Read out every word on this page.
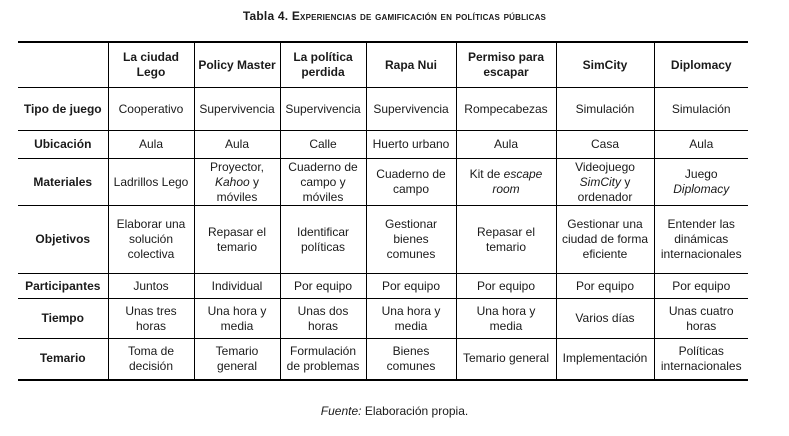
Tabla 4. Experiencias de gamificación en políticas públicas
	La ciudad Lego	Policy Master	La política perdida	Rapa Nui	Permiso para escapar	SimCity	Diplomacy
Tipo de juego	Cooperativo	Supervivencia	Supervivencia	Supervivencia	Rompecabezas	Simulación	Simulación
Ubicación	Aula	Aula	Calle	Huerto urbano	Aula	Casa	Aula
Materiales	Ladrillos Lego	Proyector, Kahoo y móviles	Cuaderno de campo y móviles	Cuaderno de campo	Kit de escape room	Videojuego SimCity y ordenador	Juego Diplomacy
Objetivos	Elaborar una solución colectiva	Repasar el temario	Identificar políticas	Gestionar bienes comunes	Repasar el temario	Gestionar una ciudad de forma eficiente	Entender las dinámicas internacionales
Participantes	Juntos	Individual	Por equipo	Por equipo	Por equipo	Por equipo	Por equipo
Tiempo	Unas tres horas	Una hora y media	Unas dos horas	Una hora y media	Una hora y media	Varios días	Unas cuatro horas
Temario	Toma de decisión	Temario general	Formulación de problemas	Bienes comunes	Temario general	Implementación	Políticas internacionales
Fuente: Elaboración propia.
